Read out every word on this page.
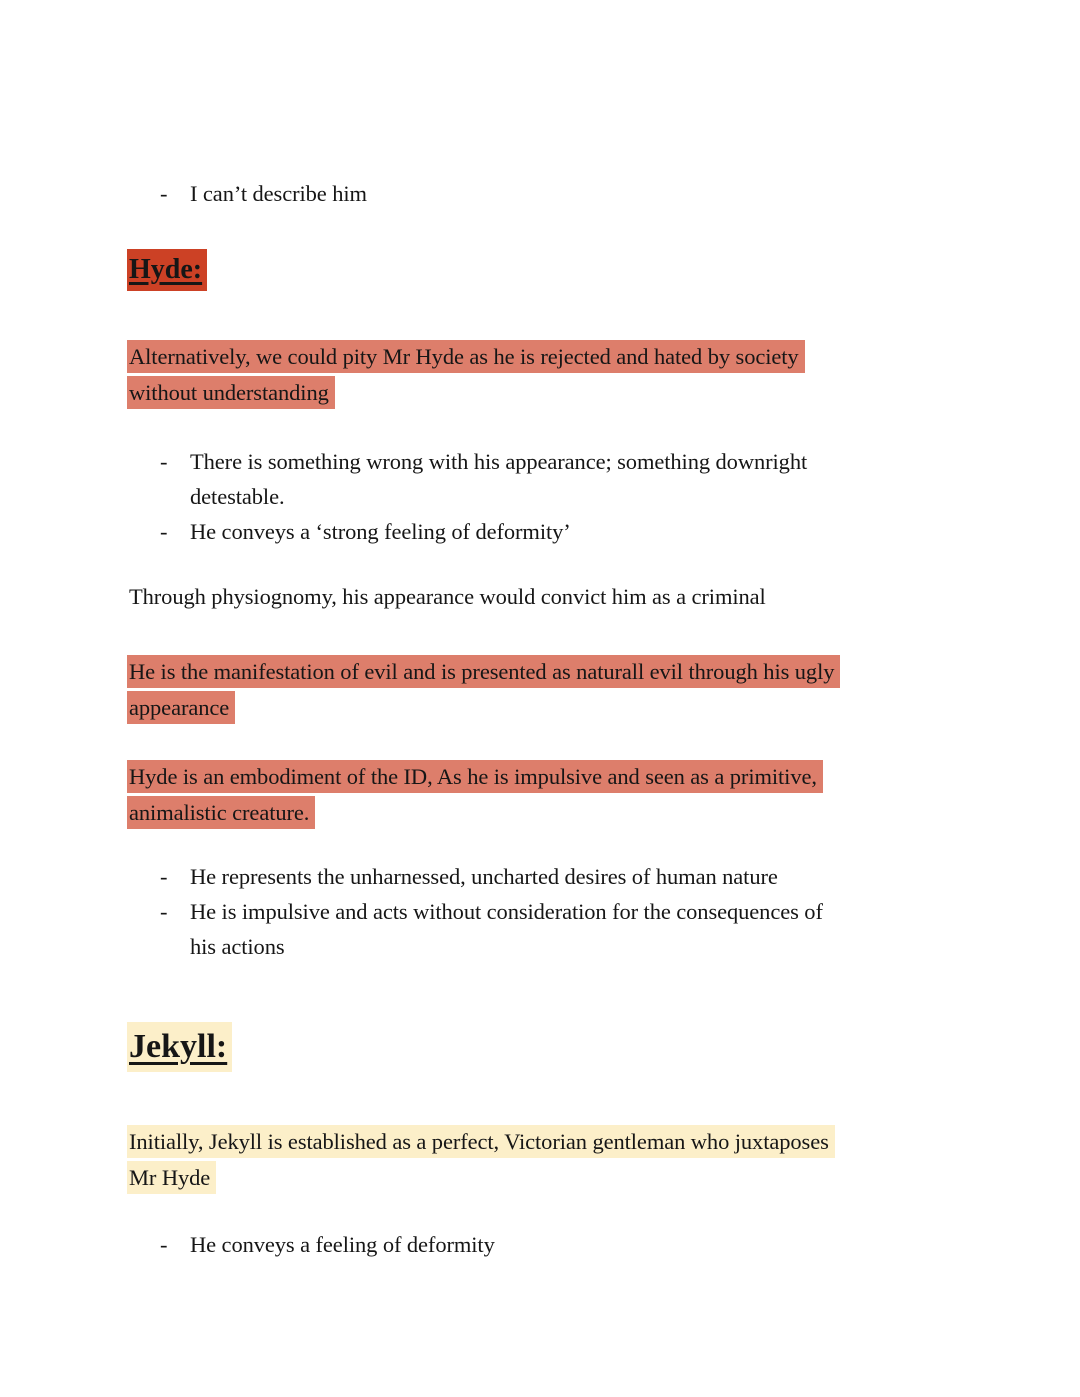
-	I can’t describe him
Hyde:
Alternatively, we could pity Mr Hyde as he is rejected and hated by society
without understanding
-	There is something wrong with his appearance; something downright
detestable.
-	He conveys a ‘strong feeling of deformity’
Through physiognomy, his appearance would convict him as a criminal
He is the manifestation of evil and is presented as naturall evil through his ugly
appearance
Hyde is an embodiment of the ID, As he is impulsive and seen as a primitive,
animalistic creature.
-	He represents the unharnessed, uncharted desires of human nature
-	He is impulsive and acts without consideration for the consequences of
his actions
Jekyll:
Initially, Jekyll is established as a perfect, Victorian gentleman who juxtaposes
Mr Hyde
-	He conveys a feeling of deformity
